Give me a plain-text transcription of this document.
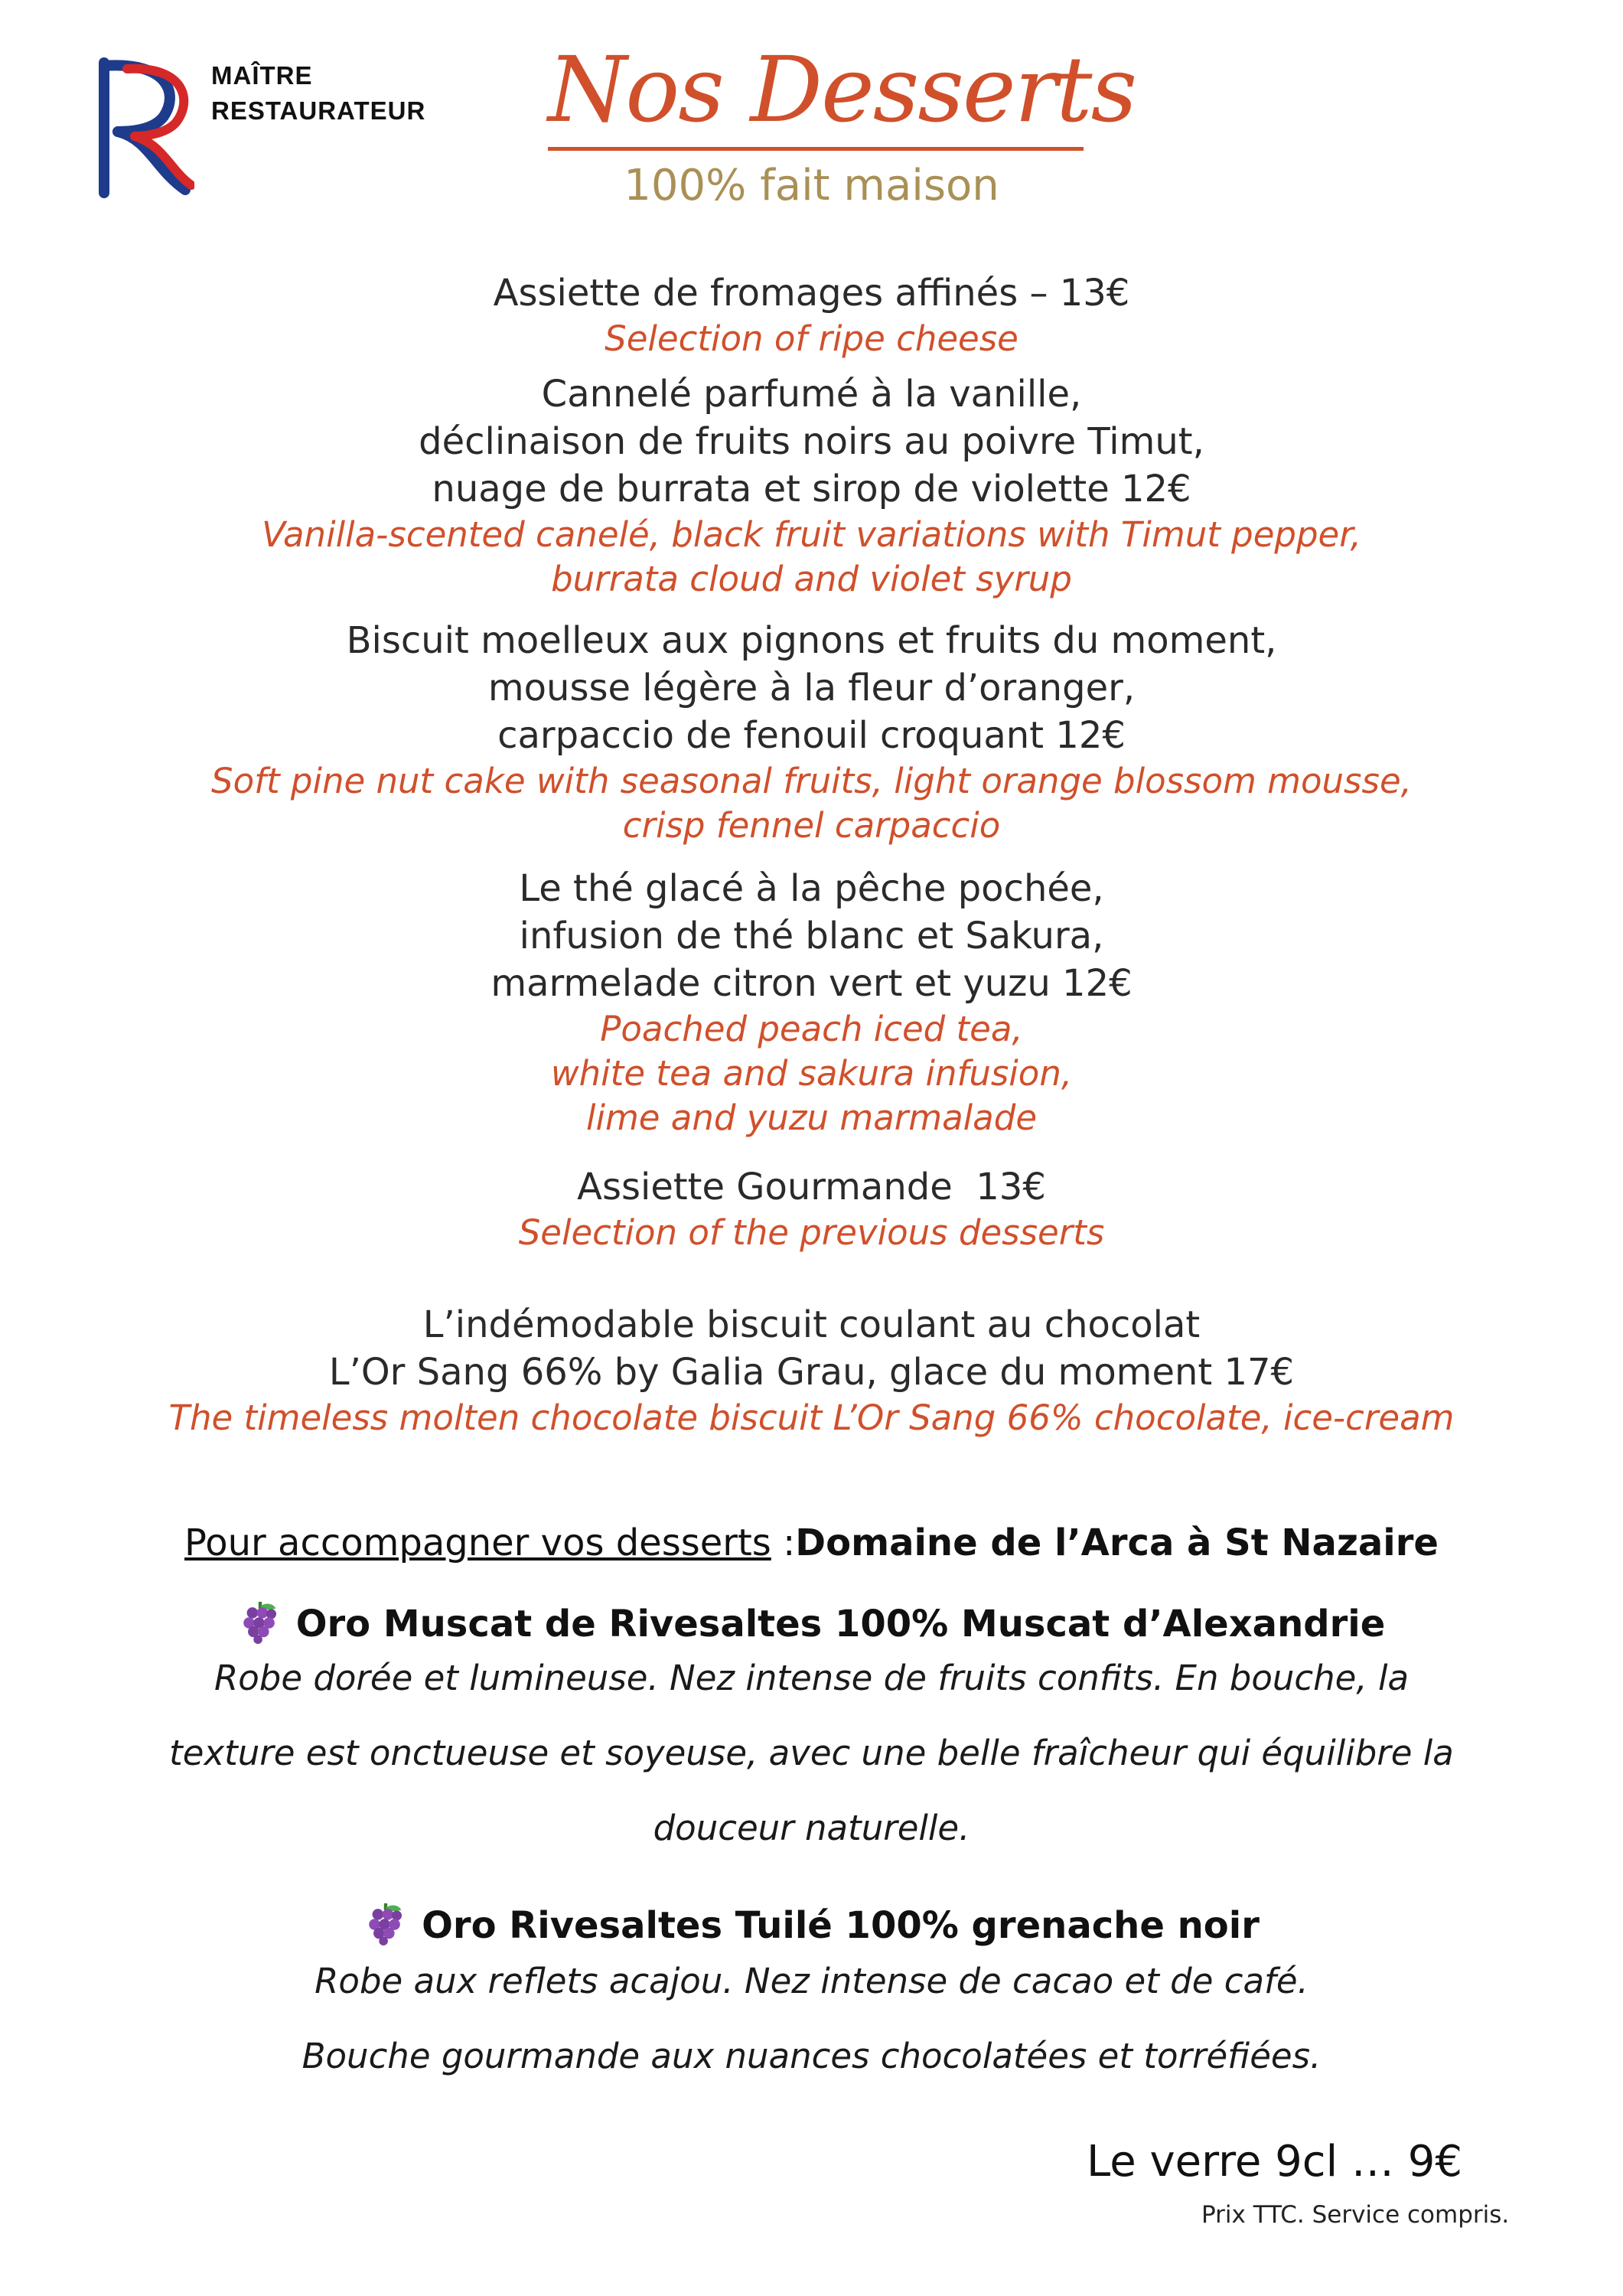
MAÎTRE
RESTAURATEUR Nos Desserts
100% fait maison
Assiette de fromages affinés – 13€
Selection of ripe cheese
Cannelé parfumé à la vanille,
déclinaison de fruits noirs au poivre Timut,
nuage de burrata et sirop de violette 12€
Vanilla-scented canelé, black fruit variations with Timut pepper,
burrata cloud and violet syrup
Biscuit moelleux aux pignons et fruits du moment,
mousse légère à la fleur d’oranger,
carpaccio de fenouil croquant 12€
Soft pine nut cake with seasonal fruits, light orange blossom mousse,
crisp fennel carpaccio
Le thé glacé à la pêche pochée,
infusion de thé blanc et Sakura,
marmelade citron vert et yuzu 12€
Poached peach iced tea,
white tea and sakura infusion,
lime and yuzu marmalade
Assiette Gourmande  13€
Selection of the previous desserts
L’indémodable biscuit coulant au chocolat
L’Or Sang 66% by Galia Grau, glace du moment 17€
The timeless molten chocolate biscuit L’Or Sang 66% chocolate, ice-cream
Pour accompagner vos desserts :Domaine de l’Arca à St Nazaire
Oro Muscat de Rivesaltes 100% Muscat d’Alexandrie
Robe dorée et lumineuse. Nez intense de fruits confits. En bouche, la
texture est onctueuse et soyeuse, avec une belle fraîcheur qui équilibre la
douceur naturelle.
Oro Rivesaltes Tuilé 100% grenache noir
Robe aux reflets acajou. Nez intense de cacao et de café.
Bouche gourmande aux nuances chocolatées et torréfiées.
Le verre 9cl … 9€
Prix TTC. Service compris.
